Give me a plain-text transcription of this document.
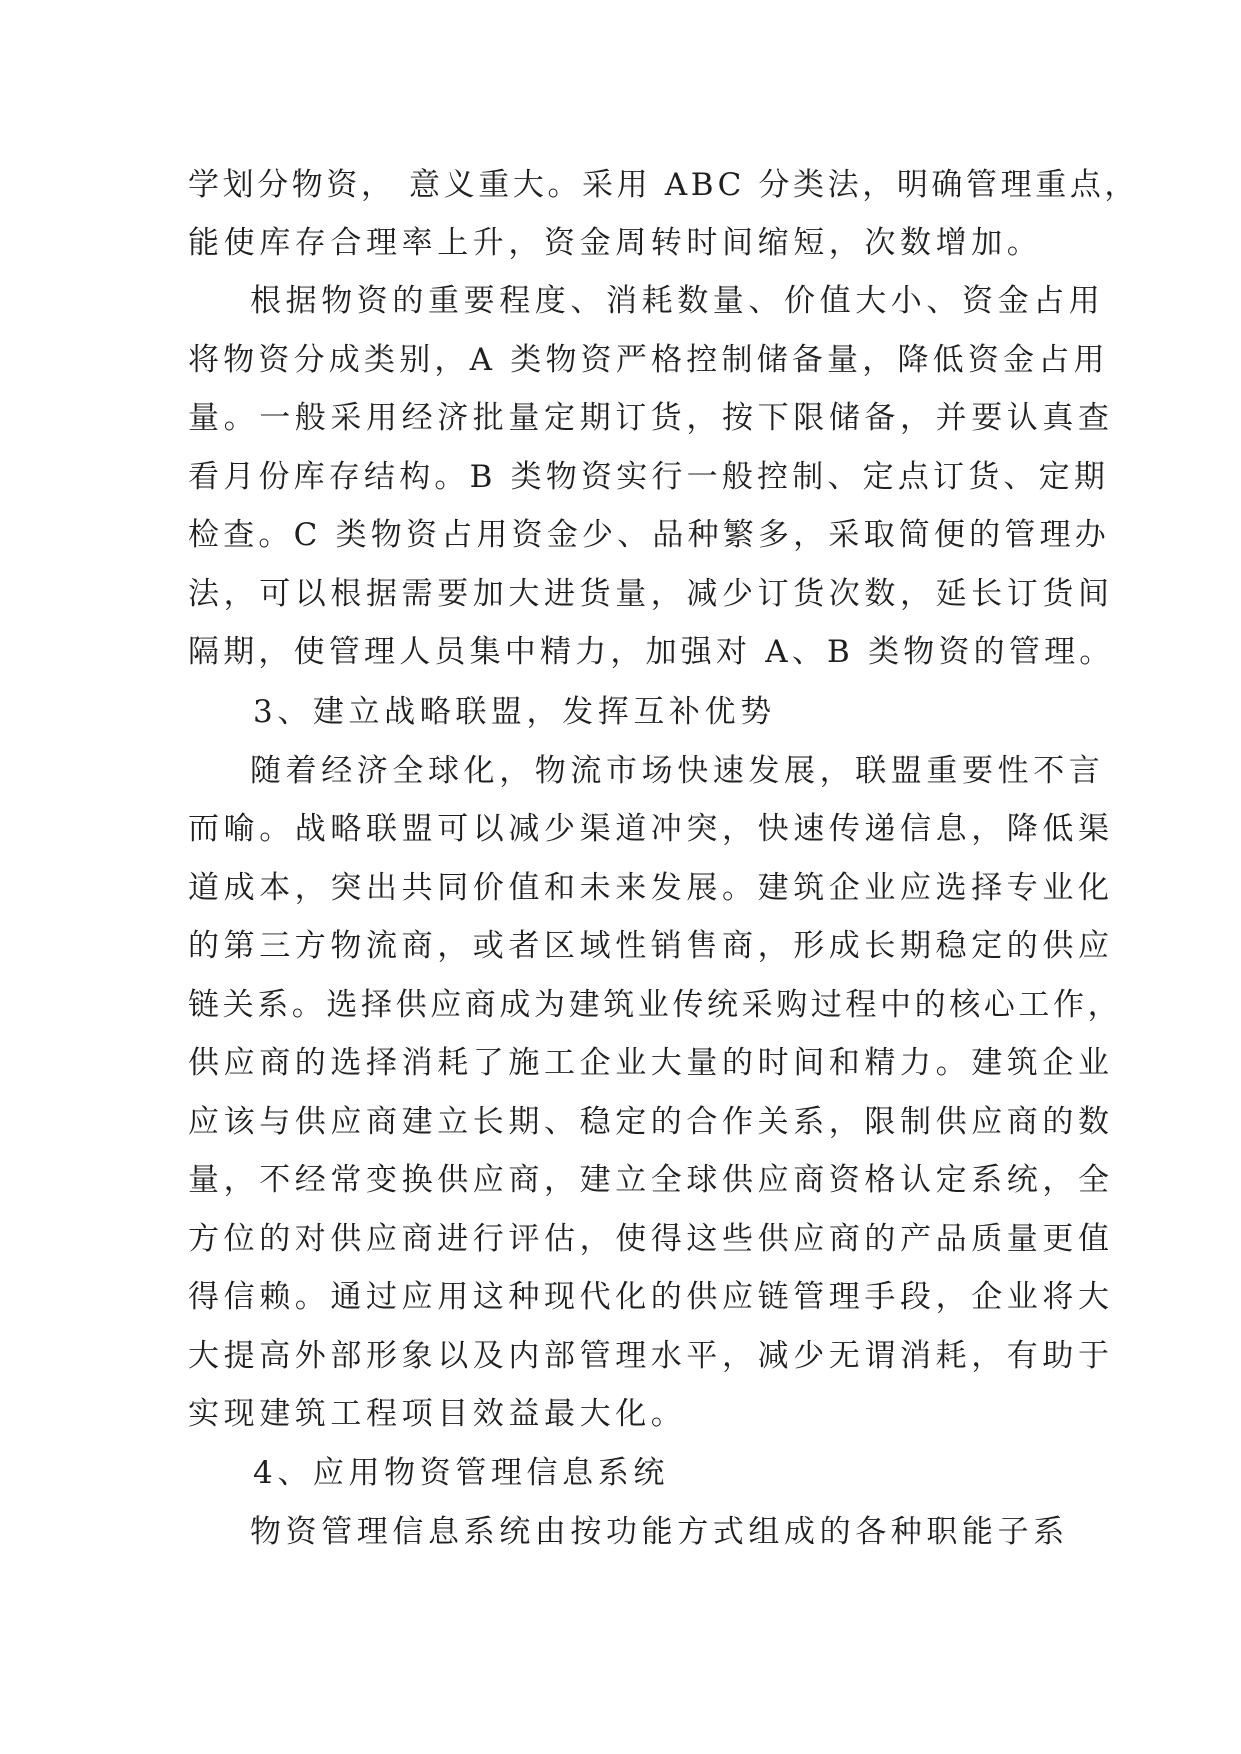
学划分物资， 意义重大。采用 ABC 分类法，明确管理重点，
能使库存合理率上升，资金周转时间缩短，次数增加。
根据物资的重要程度、消耗数量、价值大小、资金占用
将物资分成类别，A 类物资严格控制储备量，降低资金占用
量。一般采用经济批量定期订货，按下限储备，并要认真查
看月份库存结构。B 类物资实行一般控制、定点订货、定期
检查。C 类物资占用资金少、品种繁多，采取简便的管理办
法，可以根据需要加大进货量，减少订货次数，延长订货间
隔期，使管理人员集中精力，加强对 A、B 类物资的管理。
3、建立战略联盟，发挥互补优势
随着经济全球化，物流市场快速发展，联盟重要性不言
而喻。战略联盟可以减少渠道冲突，快速传递信息，降低渠
道成本，突出共同价值和未来发展。建筑企业应选择专业化
的第三方物流商，或者区域性销售商，形成长期稳定的供应
链关系。选择供应商成为建筑业传统采购过程中的核心工作，
供应商的选择消耗了施工企业大量的时间和精力。建筑企业
应该与供应商建立长期、稳定的合作关系，限制供应商的数
量，不经常变换供应商，建立全球供应商资格认定系统，全
方位的对供应商进行评估，使得这些供应商的产品质量更值
得信赖。通过应用这种现代化的供应链管理手段，企业将大
大提高外部形象以及内部管理水平，减少无谓消耗，有助于
实现建筑工程项目效益最大化。
4、应用物资管理信息系统
物资管理信息系统由按功能方式组成的各种职能子系
